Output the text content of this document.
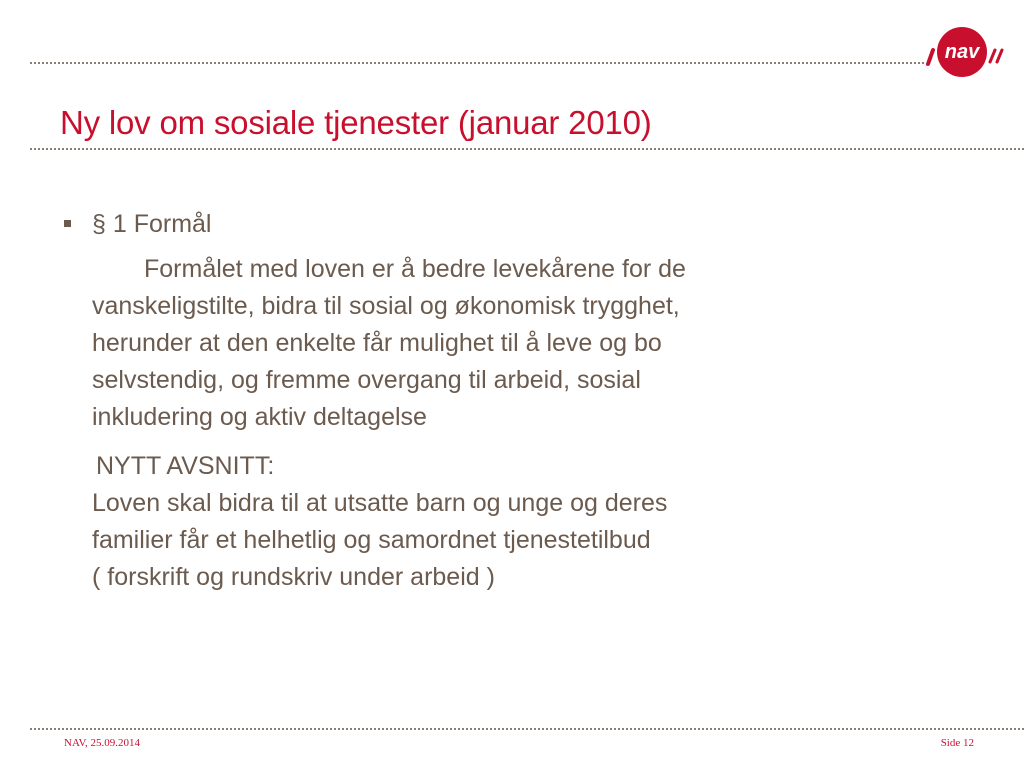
nav
Ny lov om sosiale tjenester (januar 2010)

§ 1 Formål

Formålet med loven er å bedre levekårene for de
vanskeligstilte, bidra til sosial og økonomisk trygghet,
herunder at den enkelte får mulighet til å leve og bo
selvstendig, og fremme overgang til arbeid, sosial
inkludering og aktiv deltagelse

NYTT AVSNITT:

Loven skal bidra til at utsatte barn og unge og deres
familier får et helhetlig og samordnet tjenestetilbud
( forskrift og rundskriv under arbeid )

NAV, 25.09.2014	Side 12
